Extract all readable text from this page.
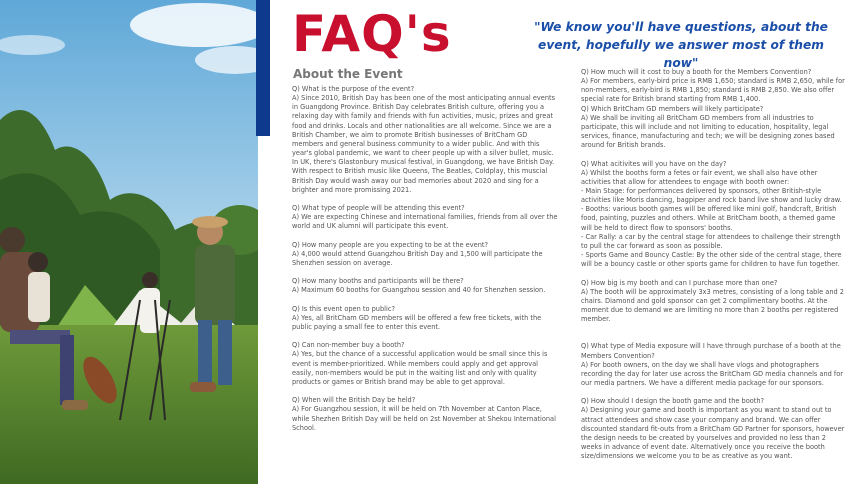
FAQ's	"We know you'll have questions, about the event, hopefully we answer most of them now"
About the Event

Q) What is the purpose of the event?

A) Since 2010, British Day has been one of the most anticipating annual events in Guangdong Province. British Day celebrates British culture, offering you a relaxing day with family and friends with fun activities, music, prizes and great food and drinks. Locals and other nationalities are all welcome. Since we are a British Chamber, we aim to promote British businesses of BritCham GD members and general business community to a wider public. And with this year's global pandemic, we want to cheer people up with a silver bullet, music. In UK, there's Glastonbury musical festival, in Guangdong, we have British Day. With respect to British music like Queens, The Beatles, Coldplay, this muscial British Day would wash away our bad memories about 2020 and sing for a brighter and more promissing 2021.

Q) What type of people will be attending this event?

A) We are expecting Chinese and international families, friends from all over the world and UK alumni will participate this event.

Q) How many people are you expecting to be at the event?

A) 4,000 would attend Guangzhou British Day and 1,500 will participate the Shenzhen session on average.

Q) How many booths and participants will be there?

A) Maximum 60 booths for Guangzhou session and 40 for Shenzhen session.

Q) Is this event open to public?

A) Yes, all BritCham GD members will be offered a few free tickets, with the public paying a small fee to enter this event.

Q) Can non-member buy a booth?

A) Yes, but the chance of a successful application would be small since this is event is member-prioritized. While members could apply and get approval easily, non-members would be put in the waiting list and only with quality products or games or British brand may be able to get approval.

Q) When will the British Day be held?

A) For Guangzhou session, it will be held on 7th November at Canton Place, while Shezhen British Day will be held on 2st November at Shekou International School.

Q) How much will it cost to buy a booth for the Members Convention?

A) For members, early-bird price is RMB 1,650; standard is RMB 2,650, while for non-members, early-bird is RMB 1,850; standard is RMB 2,850. We also offer special rate for British brand starting from RMB 1,400.
Q) Which BritCham GD members will likely participate?
A) We shall be inviting all BritCham GD members from all industries to participate, this will include and not limiting to education, hospitality, legal services, finance, manufacturing and tech; we will be designing zones based around for British brands.

Q) What acitivites will you have on the day?

A) Whilst the booths form a fetes or fair event, we shall also have other activities that allow for attendees to engage with booth owner:
- Main Stage: for performances delivered by sponsors, other British-style activities like Moris dancing, bagpiper and rock band live show and lucky draw.
- Booths: various booth games will be offered like mini golf, handcraft, British food, painting, puzzles and others. While at BritCham booth, a themed game will be held to direct flow to sponsors' booths.
- Car Rally: a car by the central stage for attendees to challenge their strength to pull the car forward as soon as possible.
- Sports Game and Bouncy Castle: By the other side of the central stage, there will be a bouncy castle or other sports game for children to have fun together.

Q) How big is my booth and can I purchase more than one?

A) The booth will be approximately 3x3 metres, consisting of a long table and 2 chairs. Diamond and gold sponsor can get 2 complimentary booths. At the moment due to demand we are limiting no more than 2 booths per registered member.

Q) What type of Media exposure will I have through purchase of a booth at the Members Convention?

A) For booth owners, on the day we shall have vlogs and photographers recording the day for later use across the BritCham GD media channels and for our media partners. We have a different media package for our sponsors.

Q) How should I design the booth game and the booth?

A) Designing your game and booth is important as you want to stand out to attract attendees and show case your company and brand. We can offer discounted standard fit-outs from a BritCham GD Partner for sponsors, however the design needs to be created by yourselves and provided no less than 2 weeks in advance of event date. Alternatively once you receive the booth size/dimensions we welcome you to be as creative as you want.
